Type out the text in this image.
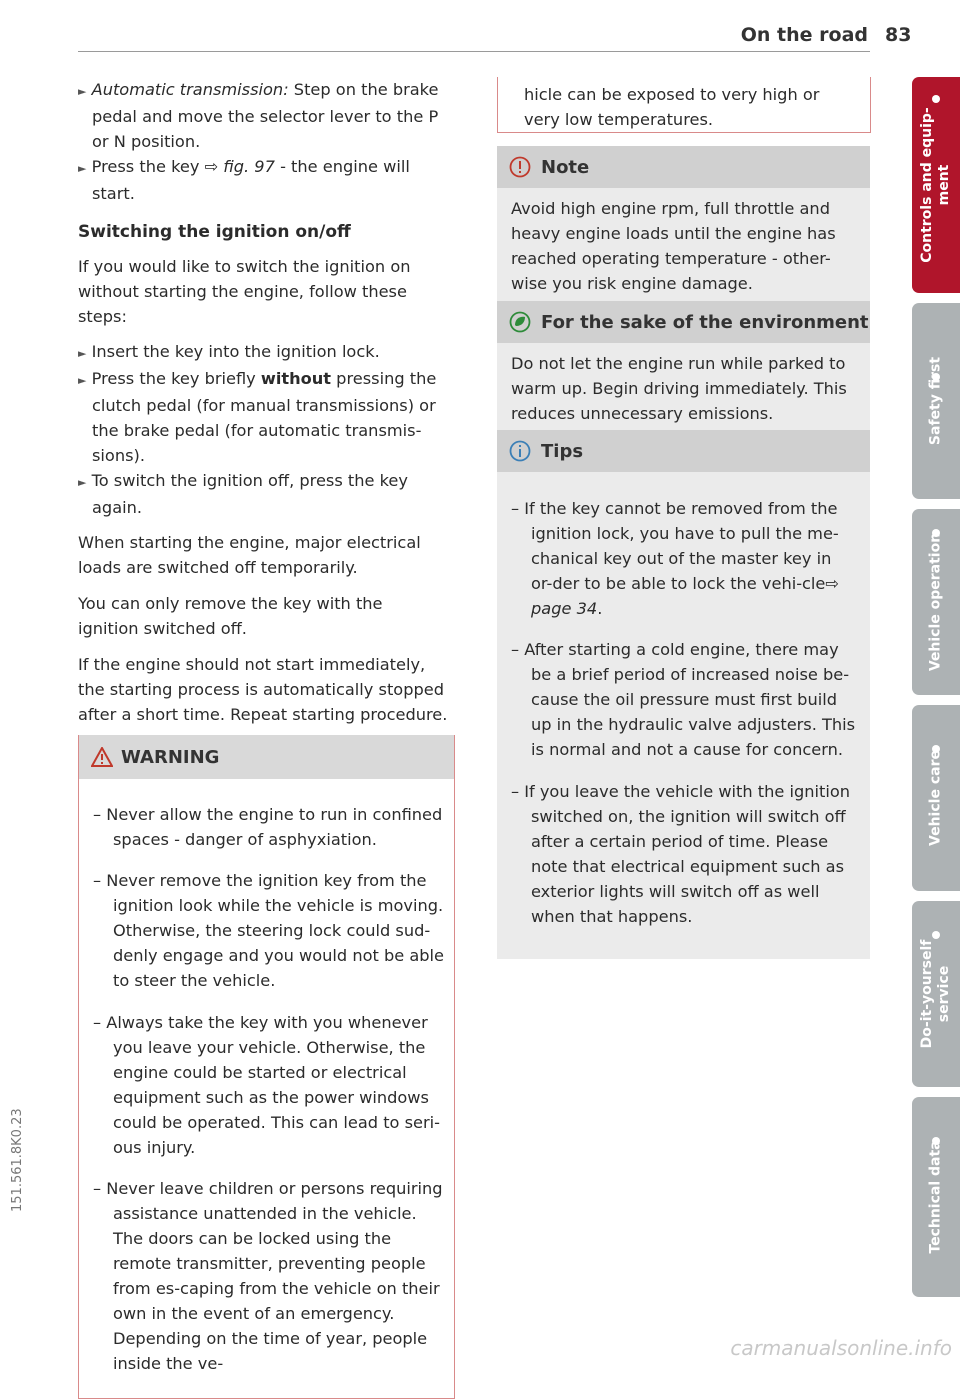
On the road 83

► Automatic transmission: Step on the brake pedal and move the selector lever to the P or N position.

► Press the key ⇨ fig. 97 - the engine will start.

Switching the ignition on/off

If you would like to switch the ignition on without starting the engine, follow these steps:

► Insert the key into the ignition lock.

► Press the key briefly without pressing the clutch pedal (for manual transmissions) or the brake pedal (for automatic transmis-sions).

► To switch the ignition off, press the key again.

When starting the engine, major electrical loads are switched off temporarily.

You can only remove the key with the ignition switched off.

If the engine should not start immediately, the starting process is automatically stopped after a short time. Repeat starting procedure.

WARNING

– Never allow the engine to run in confined spaces - danger of asphyxiation.

– Never remove the ignition key from the ignition look while the vehicle is moving. Otherwise, the steering lock could sud-denly engage and you would not be able to steer the vehicle.

– Always take the key with you whenever you leave your vehicle. Otherwise, the engine could be started or electrical equipment such as the power windows could be operated. This can lead to seri-ous injury.

– Never leave children or persons requiring assistance unattended in the vehicle. The doors can be locked using the remote transmitter, preventing people from es-caping from the vehicle on their own in the event of an emergency. Depending on the time of year, people inside the ve-

hicle can be exposed to very high or very low temperatures.

Note
Avoid high engine rpm, full throttle and heavy engine loads until the engine has reached operating temperature - other-wise you risk engine damage.
For the sake of the environment
Do not let the engine run while parked to warm up. Begin driving immediately. This reduces unnecessary emissions.
Tips

– If the key cannot be removed from the ignition lock, you have to pull the me-chanical key out of the master key in or-der to be able to lock the vehi-cle⇨ page 34.

– After starting a cold engine, there may be a brief period of increased noise be-cause the oil pressure must first build up in the hydraulic valve adjusters. This is normal and not a cause for concern.

– If you leave the vehicle with the ignition switched on, the ignition will switch off after a certain period of time. Please note that electrical equipment such as exterior lights will switch off as well when that happens.

Controls and equip-ment
Safety first
Vehicle operation
Vehicle care
Do-it-yourself service
Technical data
151.561.8K0.23
carmanualsonline.info
